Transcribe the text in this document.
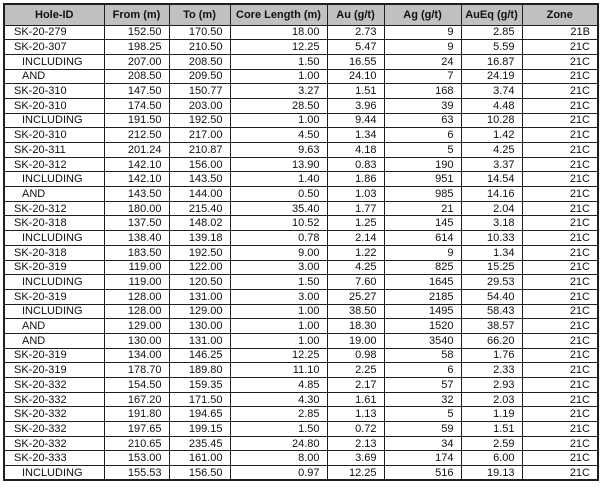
Hole-ID	From (m)	To (m)	Core Length (m)	Au (g/t)	Ag (g/t)	AuEq (g/t)	Zone
SK-20-279	152.50	170.50	18.00	2.73	9	2.85	21B
SK-20-307	198.25	210.50	12.25	5.47	9	5.59	21C
INCLUDING	207.00	208.50	1.50	16.55	24	16.87	21C
AND	208.50	209.50	1.00	24.10	7	24.19	21C
SK-20-310	147.50	150.77	3.27	1.51	168	3.74	21C
SK-20-310	174.50	203.00	28.50	3.96	39	4.48	21C
INCLUDING	191.50	192.50	1.00	9.44	63	10.28	21C
SK-20-310	212.50	217.00	4.50	1.34	6	1.42	21C
SK-20-311	201.24	210.87	9.63	4.18	5	4.25	21C
SK-20-312	142.10	156.00	13.90	0.83	190	3.37	21C
INCLUDING	142.10	143.50	1.40	1.86	951	14.54	21C
AND	143.50	144.00	0.50	1.03	985	14.16	21C
SK-20-312	180.00	215.40	35.40	1.77	21	2.04	21C
SK-20-318	137.50	148.02	10.52	1.25	145	3.18	21C
INCLUDING	138.40	139.18	0.78	2.14	614	10.33	21C
SK-20-318	183.50	192.50	9.00	1.22	9	1.34	21C
SK-20-319	119.00	122.00	3.00	4.25	825	15.25	21C
INCLUDING	119.00	120.50	1.50	7.60	1645	29.53	21C
SK-20-319	128.00	131.00	3.00	25.27	2185	54.40	21C
INCLUDING	128.00	129.00	1.00	38.50	1495	58.43	21C
AND	129.00	130.00	1.00	18.30	1520	38.57	21C
AND	130.00	131.00	1.00	19.00	3540	66.20	21C
SK-20-319	134.00	146.25	12.25	0.98	58	1.76	21C
SK-20-319	178.70	189.80	11.10	2.25	6	2.33	21C
SK-20-332	154.50	159.35	4.85	2.17	57	2.93	21C
SK-20-332	167.20	171.50	4.30	1.61	32	2.03	21C
SK-20-332	191.80	194.65	2.85	1.13	5	1.19	21C
SK-20-332	197.65	199.15	1.50	0.72	59	1.51	21C
SK-20-332	210.65	235.45	24.80	2.13	34	2.59	21C
SK-20-333	153.00	161.00	8.00	3.69	174	6.00	21C
INCLUDING	155.53	156.50	0.97	12.25	516	19.13	21C
